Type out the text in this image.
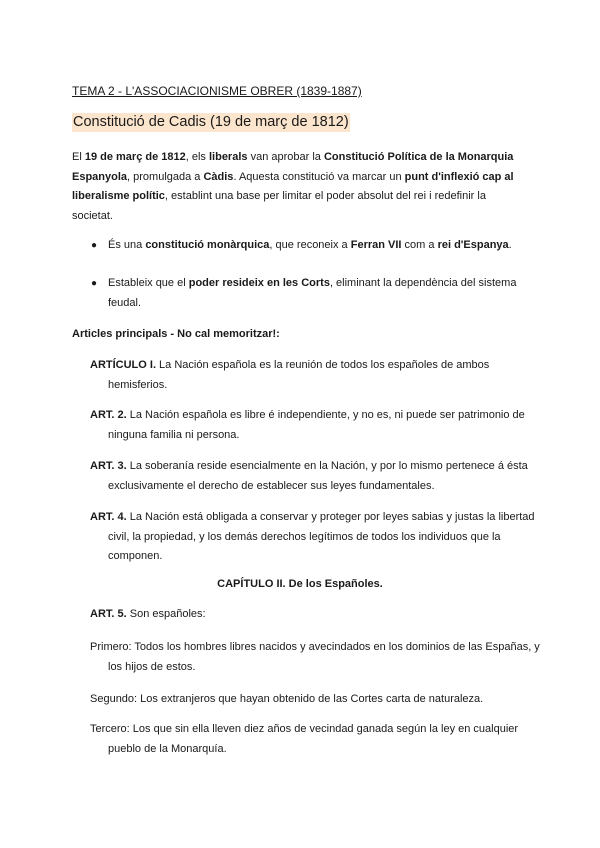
TEMA 2 - L'ASSOCIACIONISME OBRER (1839-1887)
Constitució de Cadis (19 de març de 1812)
El 19 de març de 1812, els liberals van aprobar la Constitució Política de la Monarquia Espanyola, promulgada a Càdis. Aquesta constitució va marcar un punt d'inflexió cap al liberalisme polític, establint una base per limitar el poder absolut del rei i redefinir la societat.
● És una constitució monàrquica, que reconeix a Ferran VII com a rei d'Espanya.
● Estableix que el poder resideix en les Corts, eliminant la dependència del sistema feudal.
Articles principals - No cal memoritzar!:
ARTÍCULO I. La Nación española es la reunión de todos los españoles de ambos hemisferios.
ART. 2. La Nación española es libre é independiente, y no es, ni puede ser patrimonio de ninguna familia ni persona.
ART. 3. La soberanía reside esencialmente en la Nación, y por lo mismo pertenece á ésta exclusivamente el derecho de establecer sus leyes fundamentales.
ART. 4. La Nación está obligada a conservar y proteger por leyes sabias y justas la libertad civil, la propiedad, y los demás derechos legítimos de todos los individuos que la componen.
CAPÍTULO II. De los Españoles.
ART. 5. Son españoles:
Primero: Todos los hombres libres nacidos y avecindados en los dominios de las Españas, y los hijos de estos.
Segundo: Los extranjeros que hayan obtenido de las Cortes carta de naturaleza.
Tercero: Los que sin ella lleven diez años de vecindad ganada según la ley en cualquier pueblo de la Monarquía.
